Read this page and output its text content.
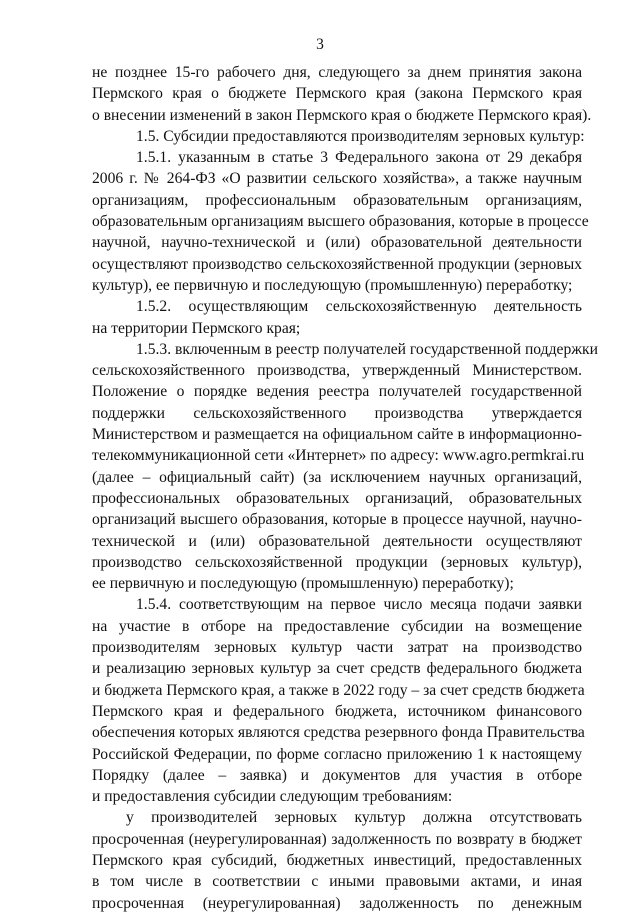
3
не позднее 15-го рабочего дня, следующего за днем принятия закона
Пермского края о бюджете Пермского края (закона Пермского края
о внесении изменений в закон Пермского края о бюджете Пермского края).
1.5. Субсидии предоставляются производителям зерновых культур:
1.5.1. указанным в статье 3 Федерального закона от 29 декабря
2006 г. № 264-ФЗ «О развитии сельского хозяйства», а также научным
организациям, профессиональным образовательным организациям,
образовательным организациям высшего образования, которые в процессе
научной, научно-технической и (или) образовательной деятельности
осуществляют производство сельскохозяйственной продукции (зерновых
культур), ее первичную и последующую (промышленную) переработку;
1.5.2. осуществляющим сельскохозяйственную деятельность
на территории Пермского края;
1.5.3. включенным в реестр получателей государственной поддержки
сельскохозяйственного производства, утвержденный Министерством.
Положение о порядке ведения реестра получателей государственной
поддержки сельскохозяйственного производства утверждается
Министерством и размещается на официальном сайте в информационно-
телекоммуникационной сети «Интернет» по адресу: www.agro.permkrai.ru
(далее – официальный сайт) (за исключением научных организаций,
профессиональных образовательных организаций, образовательных
организаций высшего образования, которые в процессе научной, научно-
технической и (или) образовательной деятельности осуществляют
производство сельскохозяйственной продукции (зерновых культур),
ее первичную и последующую (промышленную) переработку);
1.5.4. соответствующим на первое число месяца подачи заявки
на участие в отборе на предоставление субсидии на возмещение
производителям зерновых культур части затрат на производство
и реализацию зерновых культур за счет средств федерального бюджета
и бюджета Пермского края, а также в 2022 году – за счет средств бюджета
Пермского края и федерального бюджета, источником финансового
обеспечения которых являются средства резервного фонда Правительства
Российской Федерации, по форме согласно приложению 1 к настоящему
Порядку (далее – заявка) и документов для участия в отборе
и предоставления субсидии следующим требованиям:
у производителей зерновых культур должна отсутствовать
просроченная (неурегулированная) задолженность по возврату в бюджет
Пермского края субсидий, бюджетных инвестиций, предоставленных
в том числе в соответствии с иными правовыми актами, и иная
просроченная (неурегулированная) задолженность по денежным
